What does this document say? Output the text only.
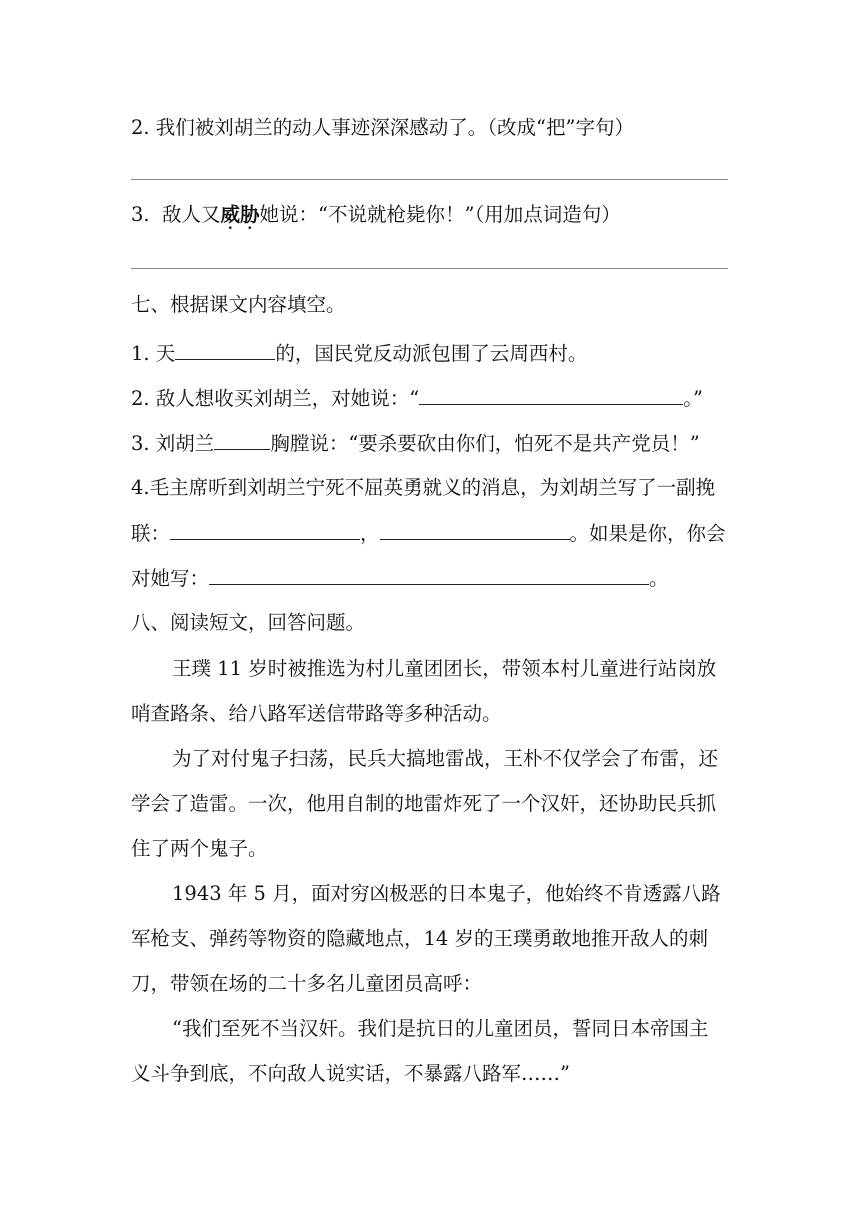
2. 我们被刘胡兰的动人事迹深深感动了。（改成“把”字句）
3.  敌人又威胁她说：“不说就枪毙你！”（用加点词造句）
七、根据课文内容填空。
1. 天	的，国民党反动派包围了云周西村。
2. 敌人想收买刘胡兰，对她说：“	。”
3. 刘胡兰	胸膛说：“要杀要砍由你们，怕死不是共产党员！”
4.毛主席听到刘胡兰宁死不屈英勇就义的消息，为刘胡兰写了一副挽
联：	，	。如果是你，你会
对她写：	。
八、阅读短文，回答问题。
王璞 11 岁时被推选为村儿童团团长，带领本村儿童进行站岗放
哨查路条、给八路军送信带路等多种活动。
为了对付鬼子扫荡，民兵大搞地雷战，王朴不仅学会了布雷，还
学会了造雷。一次，他用自制的地雷炸死了一个汉奸，还协助民兵抓
住了两个鬼子。
1943 年 5 月，面对穷凶极恶的日本鬼子，他始终不肯透露八路
军枪支、弹药等物资的隐藏地点，14 岁的王璞勇敢地推开敌人的刺
刀，带领在场的二十多名儿童团员高呼：
“我们至死不当汉奸。我们是抗日的儿童团员，誓同日本帝国主
义斗争到底，不向敌人说实话，不暴露八路军……”
